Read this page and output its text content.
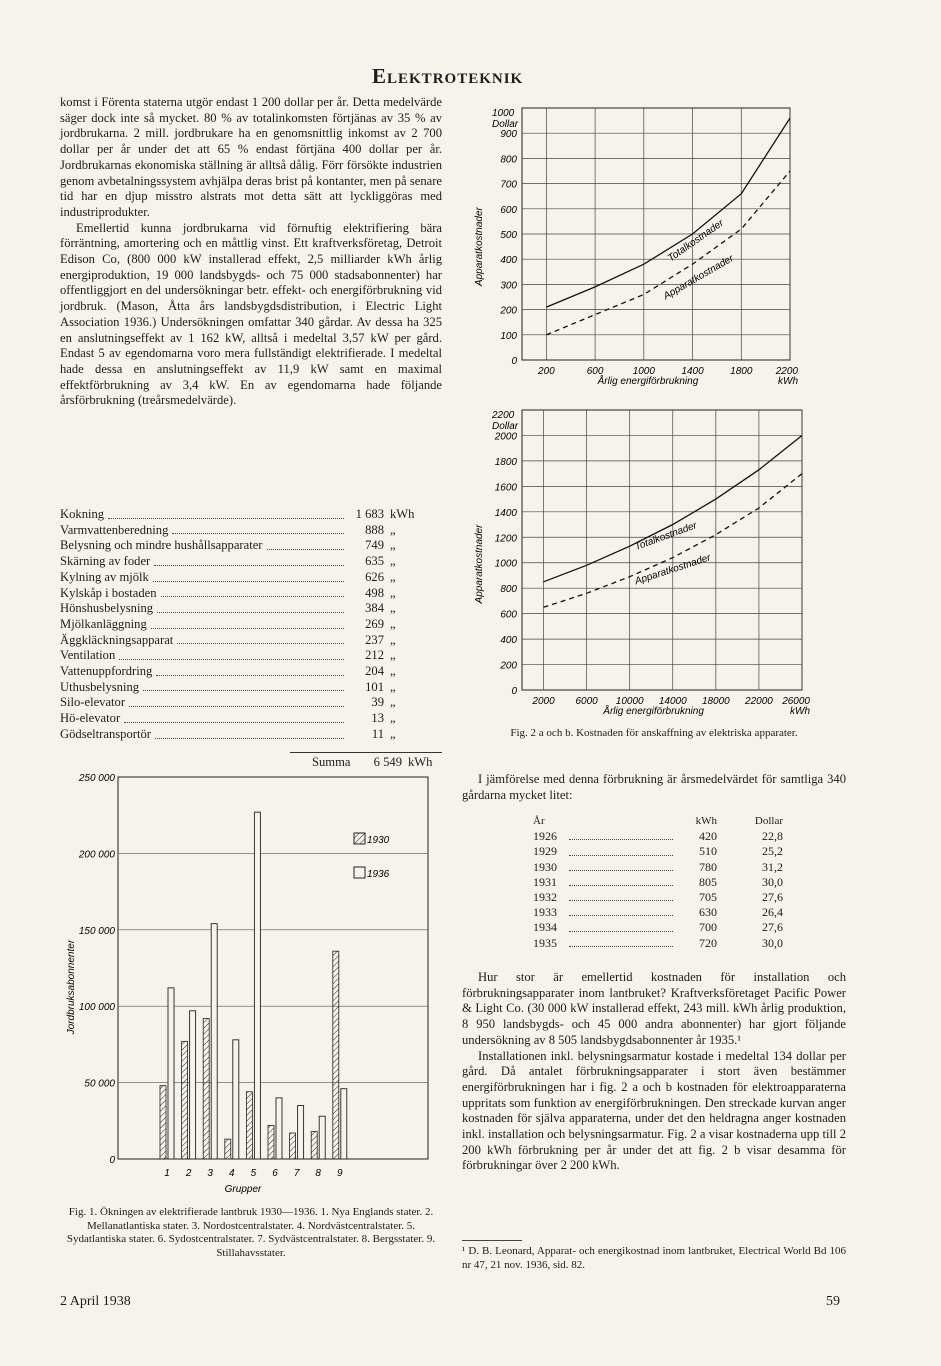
Elektroteknik

komst i Förenta staterna utgör endast 1 200 dollar per år. Detta medelvärde säger dock inte så mycket. 80 % av totalinkomsten förtjänas av 35 % av jordbrukarna. 2 mill. jordbrukare ha en genomsnittlig inkomst av 2 700 dollar per år under det att 65 % endast förtjäna 400 dollar per år. Jordbrukarnas ekonomiska ställning är alltså dålig. Förr försökte industrien genom avbetalningssystem avhjälpa deras brist på kontanter, men på senare tid har en djup misstro alstrats mot detta sätt att lyckliggöras med industriprodukter.

Emellertid kunna jordbrukarna vid förnuftig elektrifiering bära förräntning, amortering och en måttlig vinst. Ett kraftverksföretag, Detroit Edison Co, (800 000 kW installerad effekt, 2,5 milliarder kWh årlig energiproduktion, 19 000 landsbygds- och 75 000 stadsabonnenter) har offentliggjort en del undersökningar betr. effekt- och energiförbrukning vid jordbruk. (Mason, Åtta års landsbygdsdistribution, i Electric Light Association 1936.) Undersökningen omfattar 340 gårdar. Av dessa ha 325 en anslutningseffekt av 1 162 kW, alltså i medeltal 3,57 kW per gård. Endast 5 av egendomarna voro mera fullständigt elektrifierade. I medeltal hade dessa en anslutningseffekt av 11,9 kW samt en maximal effektförbrukning av 3,4 kW. En av egendomarna hade följande årsförbrukning (treårsmedelvärde).

Kokning	1 683 kWh
Varmvattenberedning	888 „
Belysning och mindre hushållsapparater	749 „
Skärning av foder	635 „
Kylning av mjölk	626 „
Kylskåp i bostaden	498 „
Hönshusbelysning	384 „
Mjölkanläggning	269 „
Äggkläckningsapparat	237 „
Ventilation	212 „
Vattenuppfordring	204 „
Uthusbelysning	101 „
Silo-elevator	39 „
Hö-elevator	13 „
Gödseltransportör	11 „
Summa	6 549 kWh
250 000
200 000
150 000
100 000
50 000
0
Jordbruksabonnenter
1 2 3 4 5 6 7 8 9
Grupper
1930
1936
Fig. 1. Ökningen av elektrifierade lantbruk 1930—1936. 1. Nya Englands stater. 2. Mellanatlantiska stater. 3. Nordostcentralstater. 4. Nordvästcentralstater. 5. Sydatlantiska stater. 6. Sydostcentralstater. 7. Sydvästcentralstater. 8. Bergsstater. 9. Stillahavsstater.
900
800
700
600
500
400
300
200
100
0
1000
Dollar
Apparatkostnader
200	600	1000	1400	1800 2200
Årlig energiförbrukning	kWh
Totalkostnader
Apparatkostnader
2000
1800
1600
1400
1200
1000
800
600
400
200
0
2200
Dollar
Apparatkostnader
2000 6000 10000 14000 18000 22000 26000
Årlig energiförbrukning	kWh
Totalkostnader
Apparatkostnader
Fig. 2 a och b. Kostnaden för anskaffning av elektriska apparater.

I jämförelse med denna förbrukning är årsmedelvärdet för samtliga 340 gårdarna mycket litet:

År	kWh	Dollar
1926	420	22,8
1929	510	25,2
1930	780	31,2
1931	805	30,0
1932	705	27,6
1933	630	26,4
1934	700	27,6
1935	720	30,0

Hur stor är emellertid kostnaden för installation och förbrukningsapparater inom lantbruket? Kraftverksföretaget Pacific Power & Light Co. (30 000 kW installerad effekt, 243 mill. kWh årlig produktion, 8 950 landsbygds- och 45 000 andra abonnenter) har gjort följande undersökning av 8 505 landsbygdsabonnenter år 1935.¹

Installationen inkl. belysningsarmatur kostade i medeltal 134 dollar per gård. Då antalet förbrukningsapparater i stort även bestämmer energiförbrukningen har i fig. 2 a och b kostnaden för elektroapparaterna uppritats som funktion av energiförbrukningen. Den streckade kurvan anger kostnaden för själva apparaterna, under det den heldragna anger kostnaden inkl. installation och belysningsarmatur. Fig. 2 a visar kostnaderna upp till 2 200 kWh förbrukning per år under det att fig. 2 b visar desamma för förbrukningar över 2 200 kWh.

¹ D. B. Leonard, Apparat- och energikostnad inom lantbruket, Electrical World Bd 106 nr 47, 21 nov. 1936, sid. 82.
2 April 1938	59
